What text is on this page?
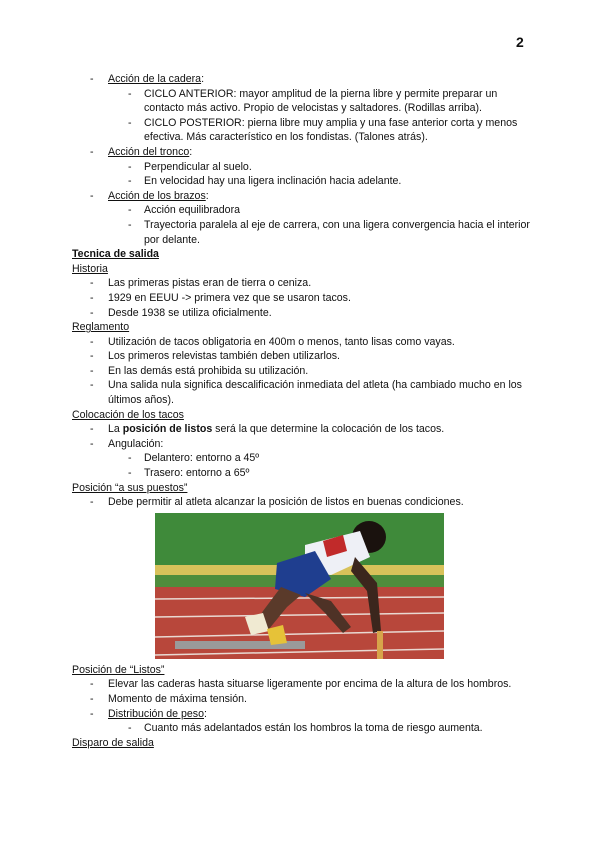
2
-	Acción de la cadera:
-	CICLO ANTERIOR: mayor amplitud de la pierna libre y permite preparar un contacto más activo. Propio de velocistas y saltadores. (Rodillas arriba).
-	CICLO POSTERIOR: pierna libre muy amplia y una fase anterior corta y menos efectiva. Más característico en los fondistas. (Talones atrás).
-	Acción del tronco:
-	Perpendicular al suelo.
-	En velocidad hay una ligera inclinación hacia adelante.
-	Acción de los brazos:
-	Acción equilibradora
-	Trayectoria paralela al eje de carrera, con una ligera convergencia hacia el interior por delante.
Tecnica de salida
Historia
-	Las primeras pistas eran de tierra o ceniza.
-	1929 en EEUU -> primera vez que se usaron tacos.
-	Desde 1938 se utiliza oficialmente.
Reglamento
-	Utilización de tacos obligatoria en 400m o menos, tanto lisas como vayas.
-	Los primeros relevistas también deben utilizarlos.
-	En las demás está prohibida su utilización.
-	Una salida nula significa descalificación inmediata del atleta (ha cambiado mucho en los últimos años).
Colocación de los tacos
-	La posición de listos será la que determine la colocación de los tacos.
-	Angulación:
-	Delantero: entorno a 45º
-	Trasero: entorno a 65º
Posición “a sus puestos”
-	Debe permitir al atleta alcanzar la posición de listos en buenas condiciones.
Posición de “Listos”
-	Elevar las caderas hasta situarse ligeramente por encima de la altura de los hombros.
-	Momento de máxima tensión.
-	Distribución de peso:
-	Cuanto más adelantados están los hombros la toma de riesgo aumenta.
Disparo de salida
